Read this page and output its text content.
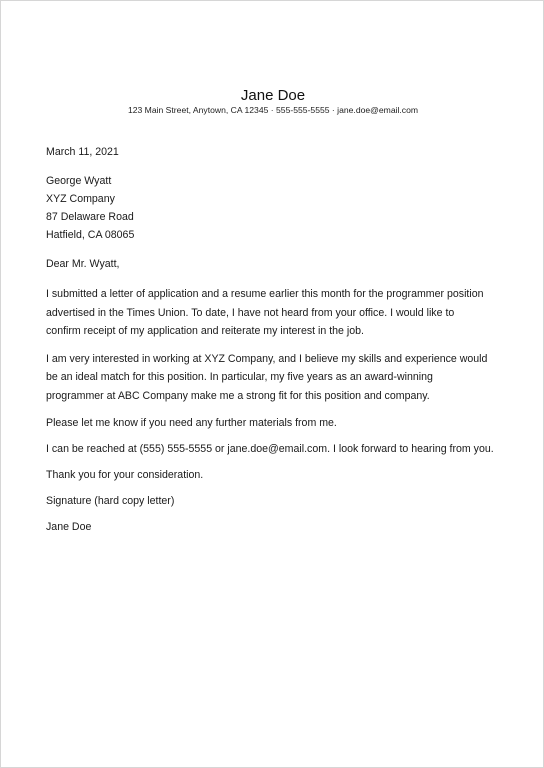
Jane Doe
123 Main Street, Anytown, CA 12345 · 555-555-5555 · jane.doe@email.com
March 11, 2021
George Wyatt
XYZ Company
87 Delaware Road
Hatfield, CA 08065
Dear Mr. Wyatt,
I submitted a letter of application and a resume earlier this month for the programmer position
advertised in the Times Union. To date, I have not heard from your office. I would like to
confirm receipt of my application and reiterate my interest in the job.
I am very interested in working at XYZ Company, and I believe my skills and experience would
be an ideal match for this position. In particular, my five years as an award-winning
programmer at ABC Company make me a strong fit for this position and company.
Please let me know if you need any further materials from me.
I can be reached at (555) 555-5555 or jane.doe@email.com. I look forward to hearing from you.
Thank you for your consideration.
Signature (hard copy letter)
Jane Doe
